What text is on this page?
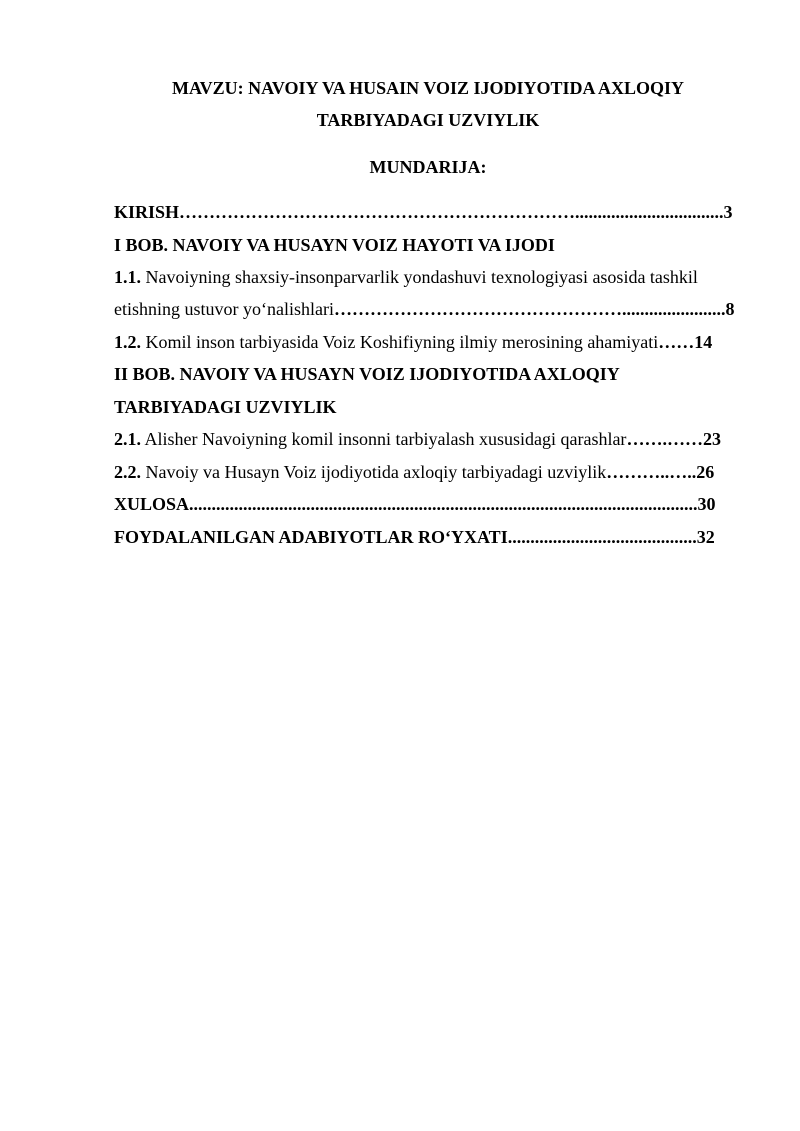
MAVZU: NAVOIY VA HUSAIN VOIZ IJODIYOTIDA AXLOQIY
TARBIYADAGI UZVIYLIK
MUNDARIJA:
KIRISH………………………………………………………….................................3
I BOB. NAVOIY VA HUSAYN VOIZ HAYOTI VA IJODI
1.1. Navoiyning shaxsiy-insonparvarlik yondashuvi texnologiyasi asosida tashkil
etishning ustuvor yo‘nalishlari………………………………………….......................8
1.2. Komil inson tarbiyasida Voiz Koshifiyning ilmiy merosining ahamiyati……14
II BOB. NAVOIY VA HUSAYN VOIZ IJODIYOTIDA AXLOQIY
TARBIYADAGI UZVIYLIK
2.1. Alisher Navoiyning komil insonni tarbiyalash xususidagi qarashlar…….……23
2.2. Navoiy va Husayn Voiz ijodiyotida axloqiy tarbiyadagi uzviylik………..…..26
XULOSA.................................................................................................................30
FOYDALANILGAN ADABIYOTLAR RO‘YXATI..........................................32
